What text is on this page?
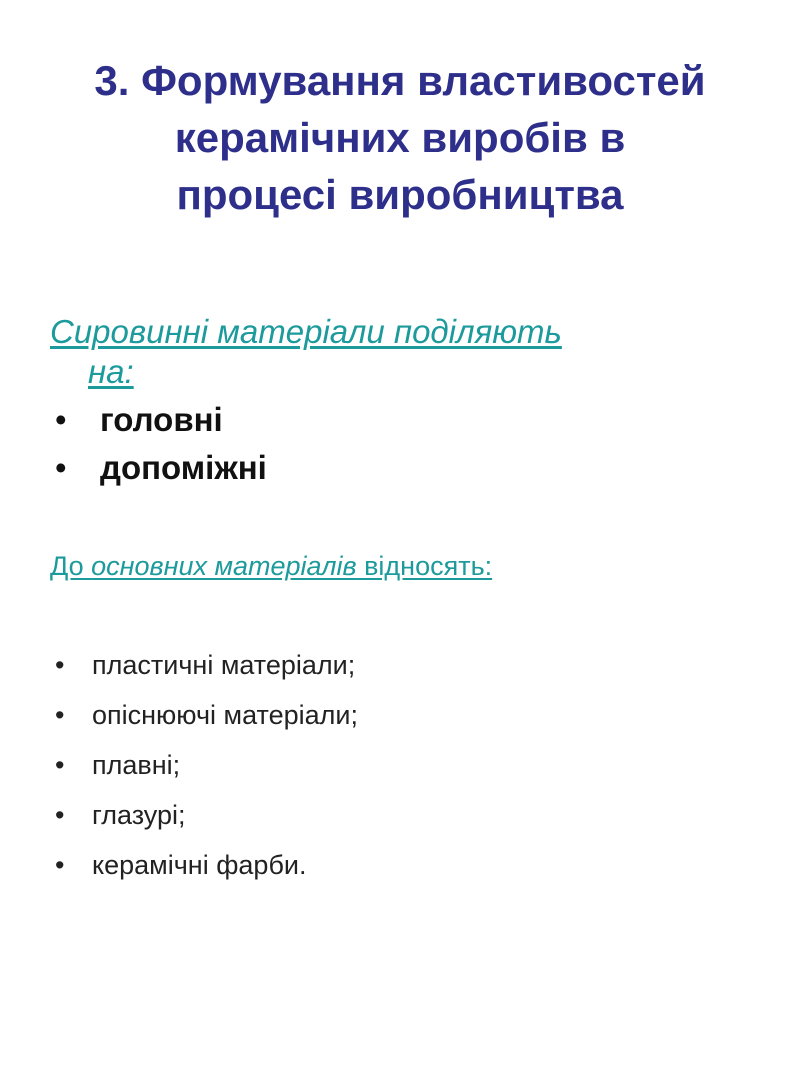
3. Формування властивостей
керамічних виробів в
процесі виробництва
Сировинні матеріали поділяють
на:
• головні
• допоміжні
До основних матеріалів відносять:
• пластичні матеріали;
• опіснюючі матеріали;
• плавні;
• глазурі;
• керамічні фарби.
